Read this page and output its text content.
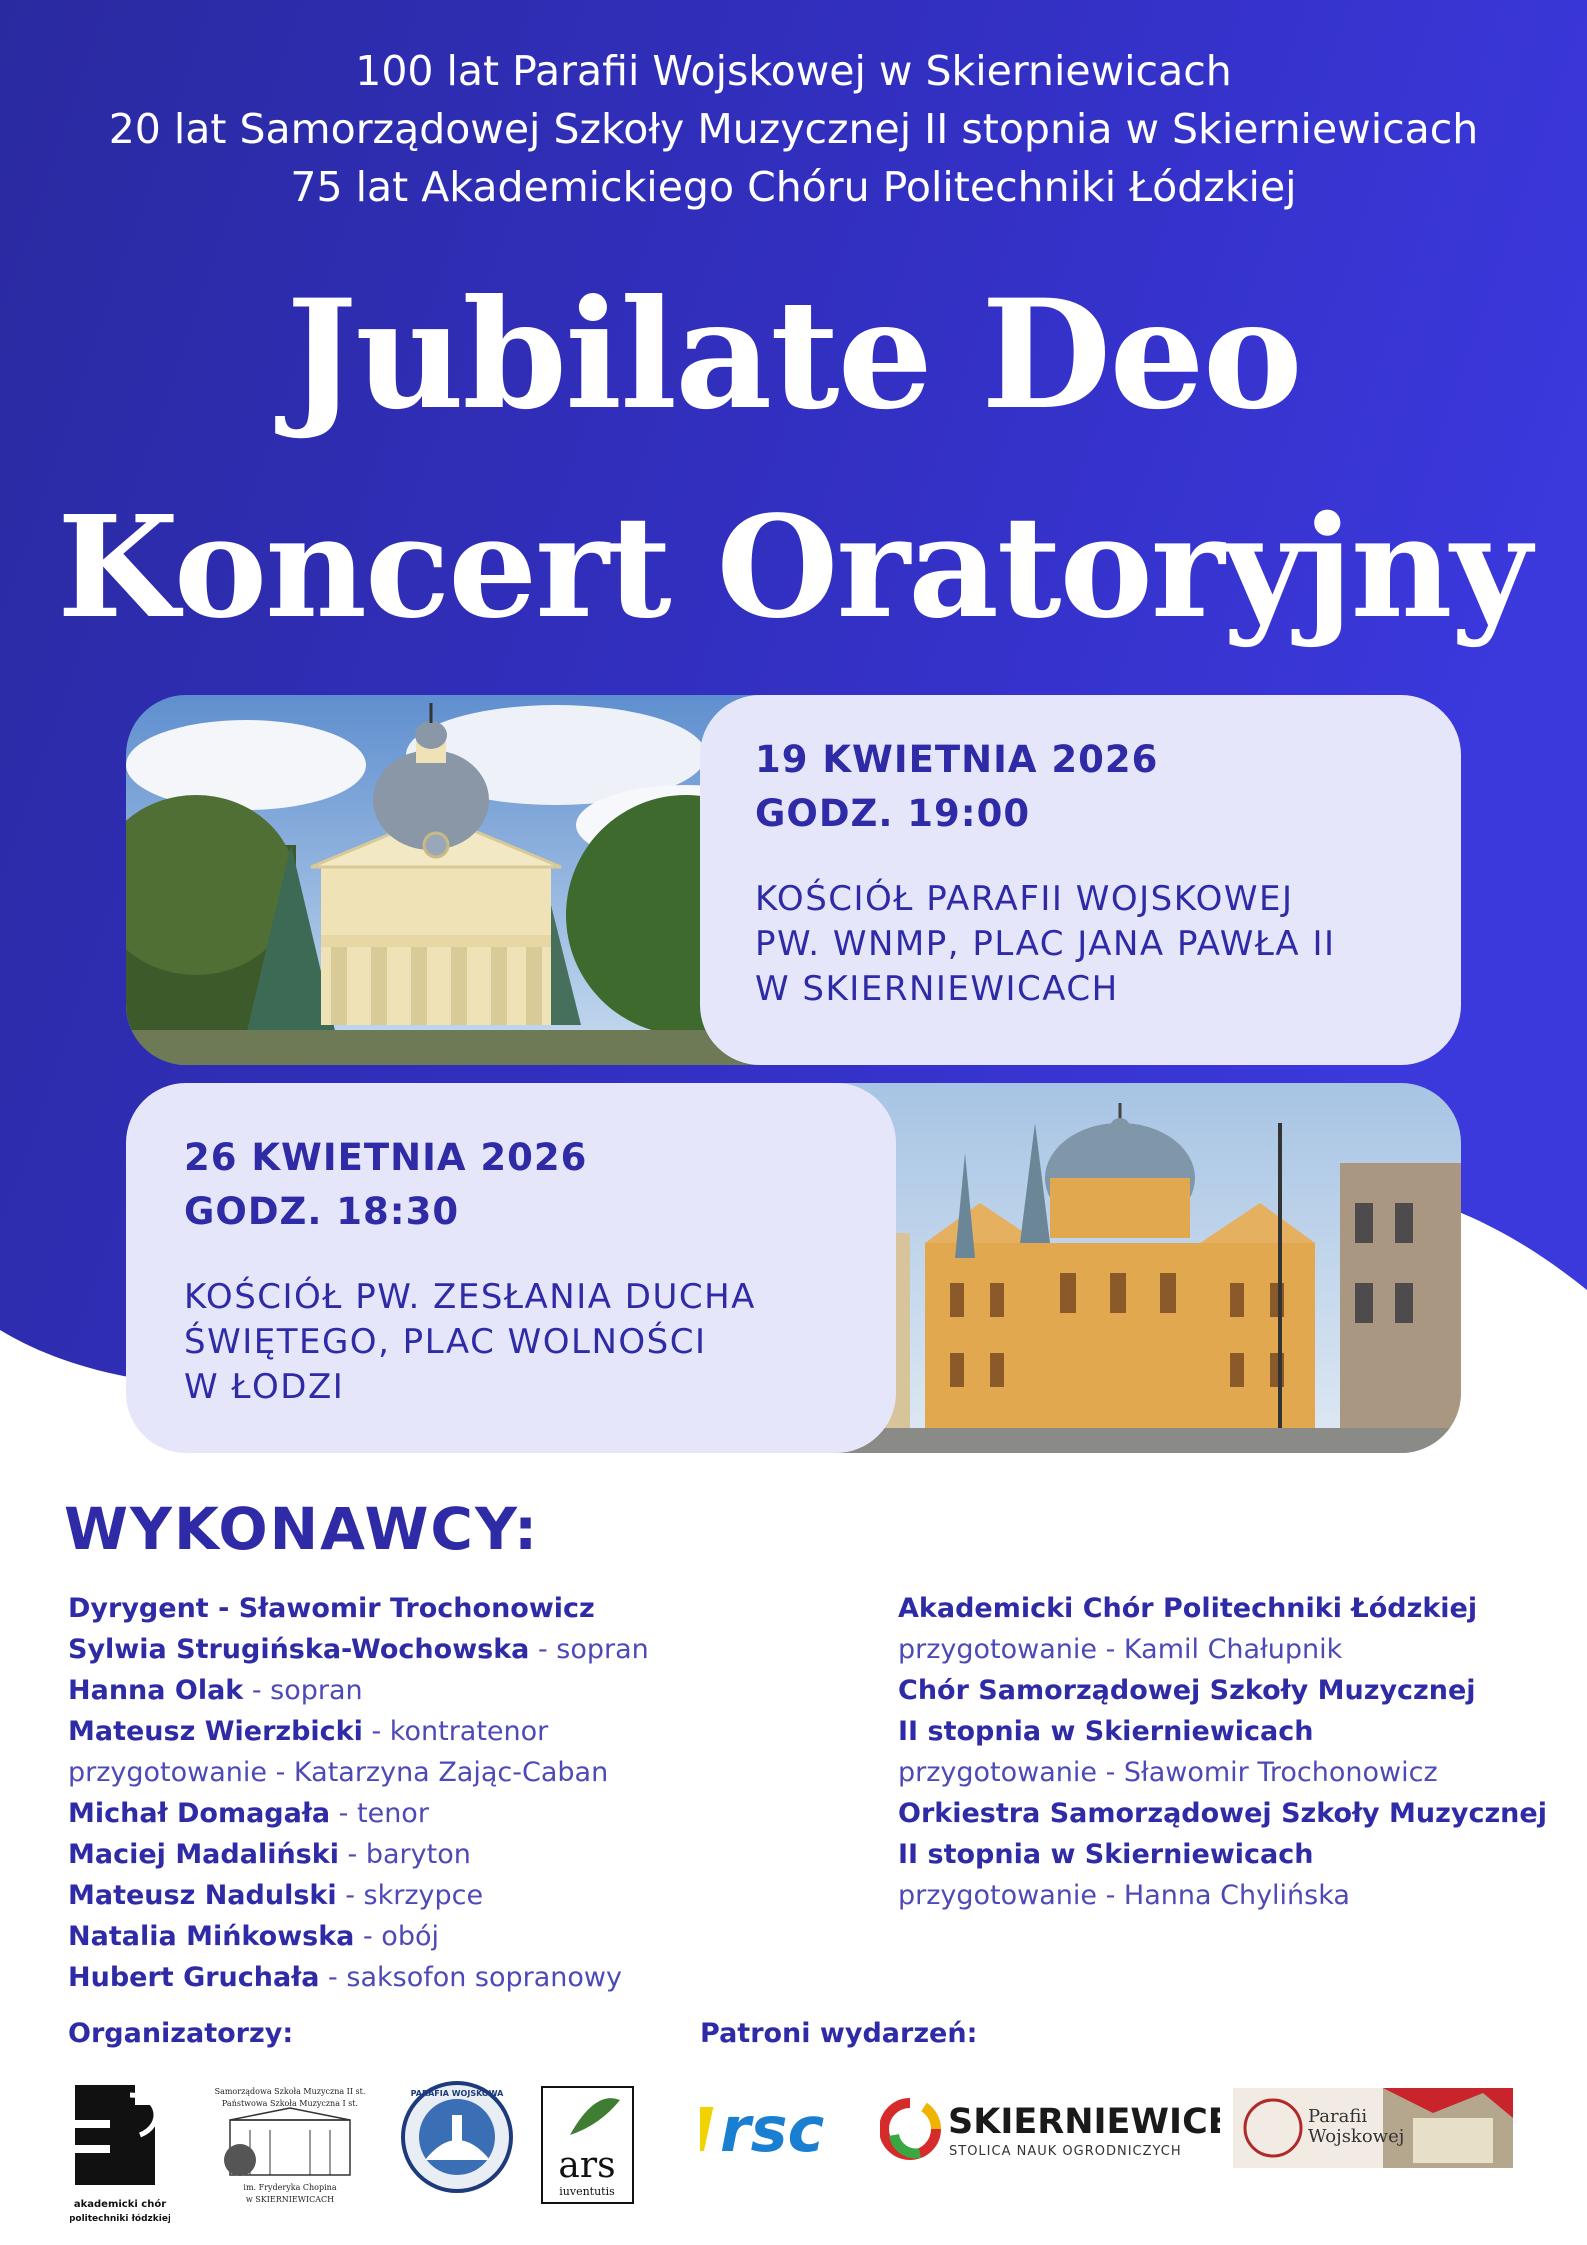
100 lat Parafii Wojskowej w Skierniewicach
20 lat Samorządowej Szkoły Muzycznej II stopnia w Skierniewicach
75 lat Akademickiego Chóru Politechniki Łódzkiej
Jubilate Deo
Koncert Oratoryjny
19 KWIETNIA 2026
GODZ. 19:00
KOŚCIÓŁ PARAFII WOJSKOWEJ
PW. WNMP, PLAC JANA PAWŁA II
W SKIERNIEWICACH
26 KWIETNIA 2026
GODZ. 18:30
KOŚCIÓŁ PW. ZESŁANIA DUCHA
ŚWIĘTEGO, PLAC WOLNOŚCI
W ŁODZI
WYKONAWCY:
Dyrygent - Sławomir Trochonowicz
Sylwia Strugińska-Wochowska - sopran
Hanna Olak - sopran
Mateusz Wierzbicki - kontratenor
przygotowanie - Katarzyna Zając-Caban
Michał Domagała - tenor
Maciej Madaliński - baryton
Mateusz Nadulski - skrzypce
Natalia Mińkowska - obój
Hubert Gruchała - saksofon sopranowy
Akademicki Chór Politechniki Łódzkiej
przygotowanie - Kamil Chałupnik
Chór Samorządowej Szkoły Muzycznej
II stopnia w Skierniewicach
przygotowanie - Sławomir Trochonowicz
Orkiestra Samorządowej Szkoły Muzycznej
II stopnia w Skierniewicach
przygotowanie - Hanna Chylińska
Organizatorzy:	Patroni wydarzeń:
akademicki chór
politechniki łódzkiej
Samorządowa Szkoła Muzyczna II st.
Państwowa Szkoła Muzyczna I st.
im. Fryderyka Chopina
w SKIERNIEWICACH
PARAFIA WOJSKOWA
ars
iuventutis
rsc	SKIERNIEWICE
STOLICA NAUK OGRODNICZYCH
Parafii
Wojskowej
